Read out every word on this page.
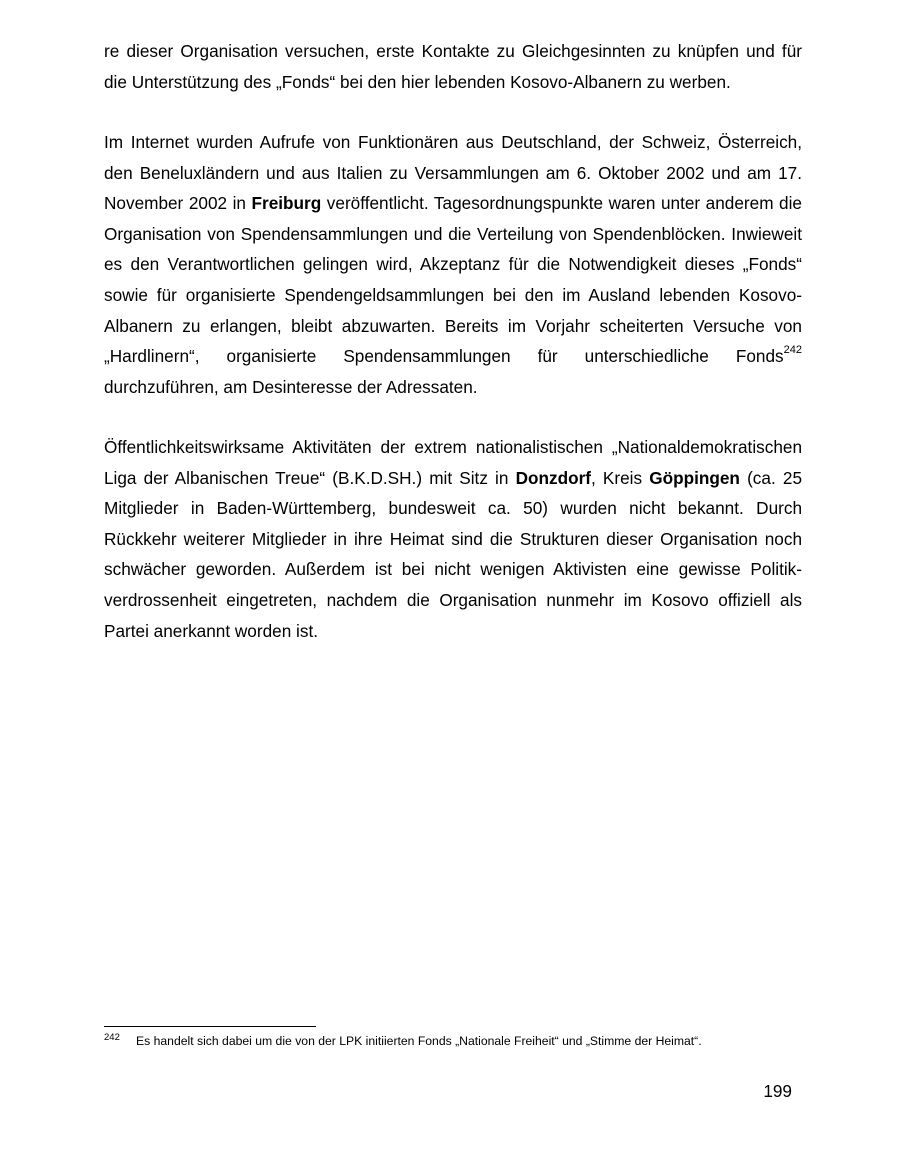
re dieser Organisation versuchen, erste Kontakte zu Gleichgesinnten zu knüpfen und für die Unterstützung des „Fonds“ bei den hier lebenden Kosovo-Albanern zu werben.

Im Internet wurden Aufrufe von Funktionären aus Deutschland, der Schweiz, Österreich, den Beneluxländern und aus Italien zu Versammlungen am 6. Oktober 2002 und am 17. November 2002 in Freiburg veröffentlicht. Tagesordnungspunkte waren unter anderem die Organisation von Spendensammlungen und die Verteilung von Spendenblöcken. Inwieweit es den Verantwortlichen gelingen wird, Akzeptanz für die Notwendigkeit dieses „Fonds“ sowie für organisierte Spendengeldsammlungen bei den im Ausland lebenden Kosovo-Albanern zu erlangen, bleibt abzuwarten. Bereits im Vorjahr scheiterten Versuche von „Hardlinern“, organisierte Spendensammlungen für unterschiedliche Fonds$^{242}$ durchzuführen, am Desinteresse der Adressaten.

Öffentlichkeitswirksame Aktivitäten der extrem nationalistischen „Nationaldemokratischen Liga der Albanischen Treue“ (B.K.D.SH.) mit Sitz in Donzdorf, Kreis Göppingen (ca. 25 Mitglieder in Baden-Württemberg, bundesweit ca. 50) wurden nicht bekannt. Durch Rückkehr weiterer Mitglieder in ihre Heimat sind die Strukturen dieser Organisation noch schwächer geworden. Außerdem ist bei nicht wenigen Aktivisten eine gewisse Politikverdrossenheit eingetreten, nachdem die Organisation nunmehr im Kosovo offiziell als Partei anerkannt worden ist.

242 Es handelt sich dabei um die von der LPK initiierten Fonds „Nationale Freiheit“ und „Stimme der Heimat“.
199
